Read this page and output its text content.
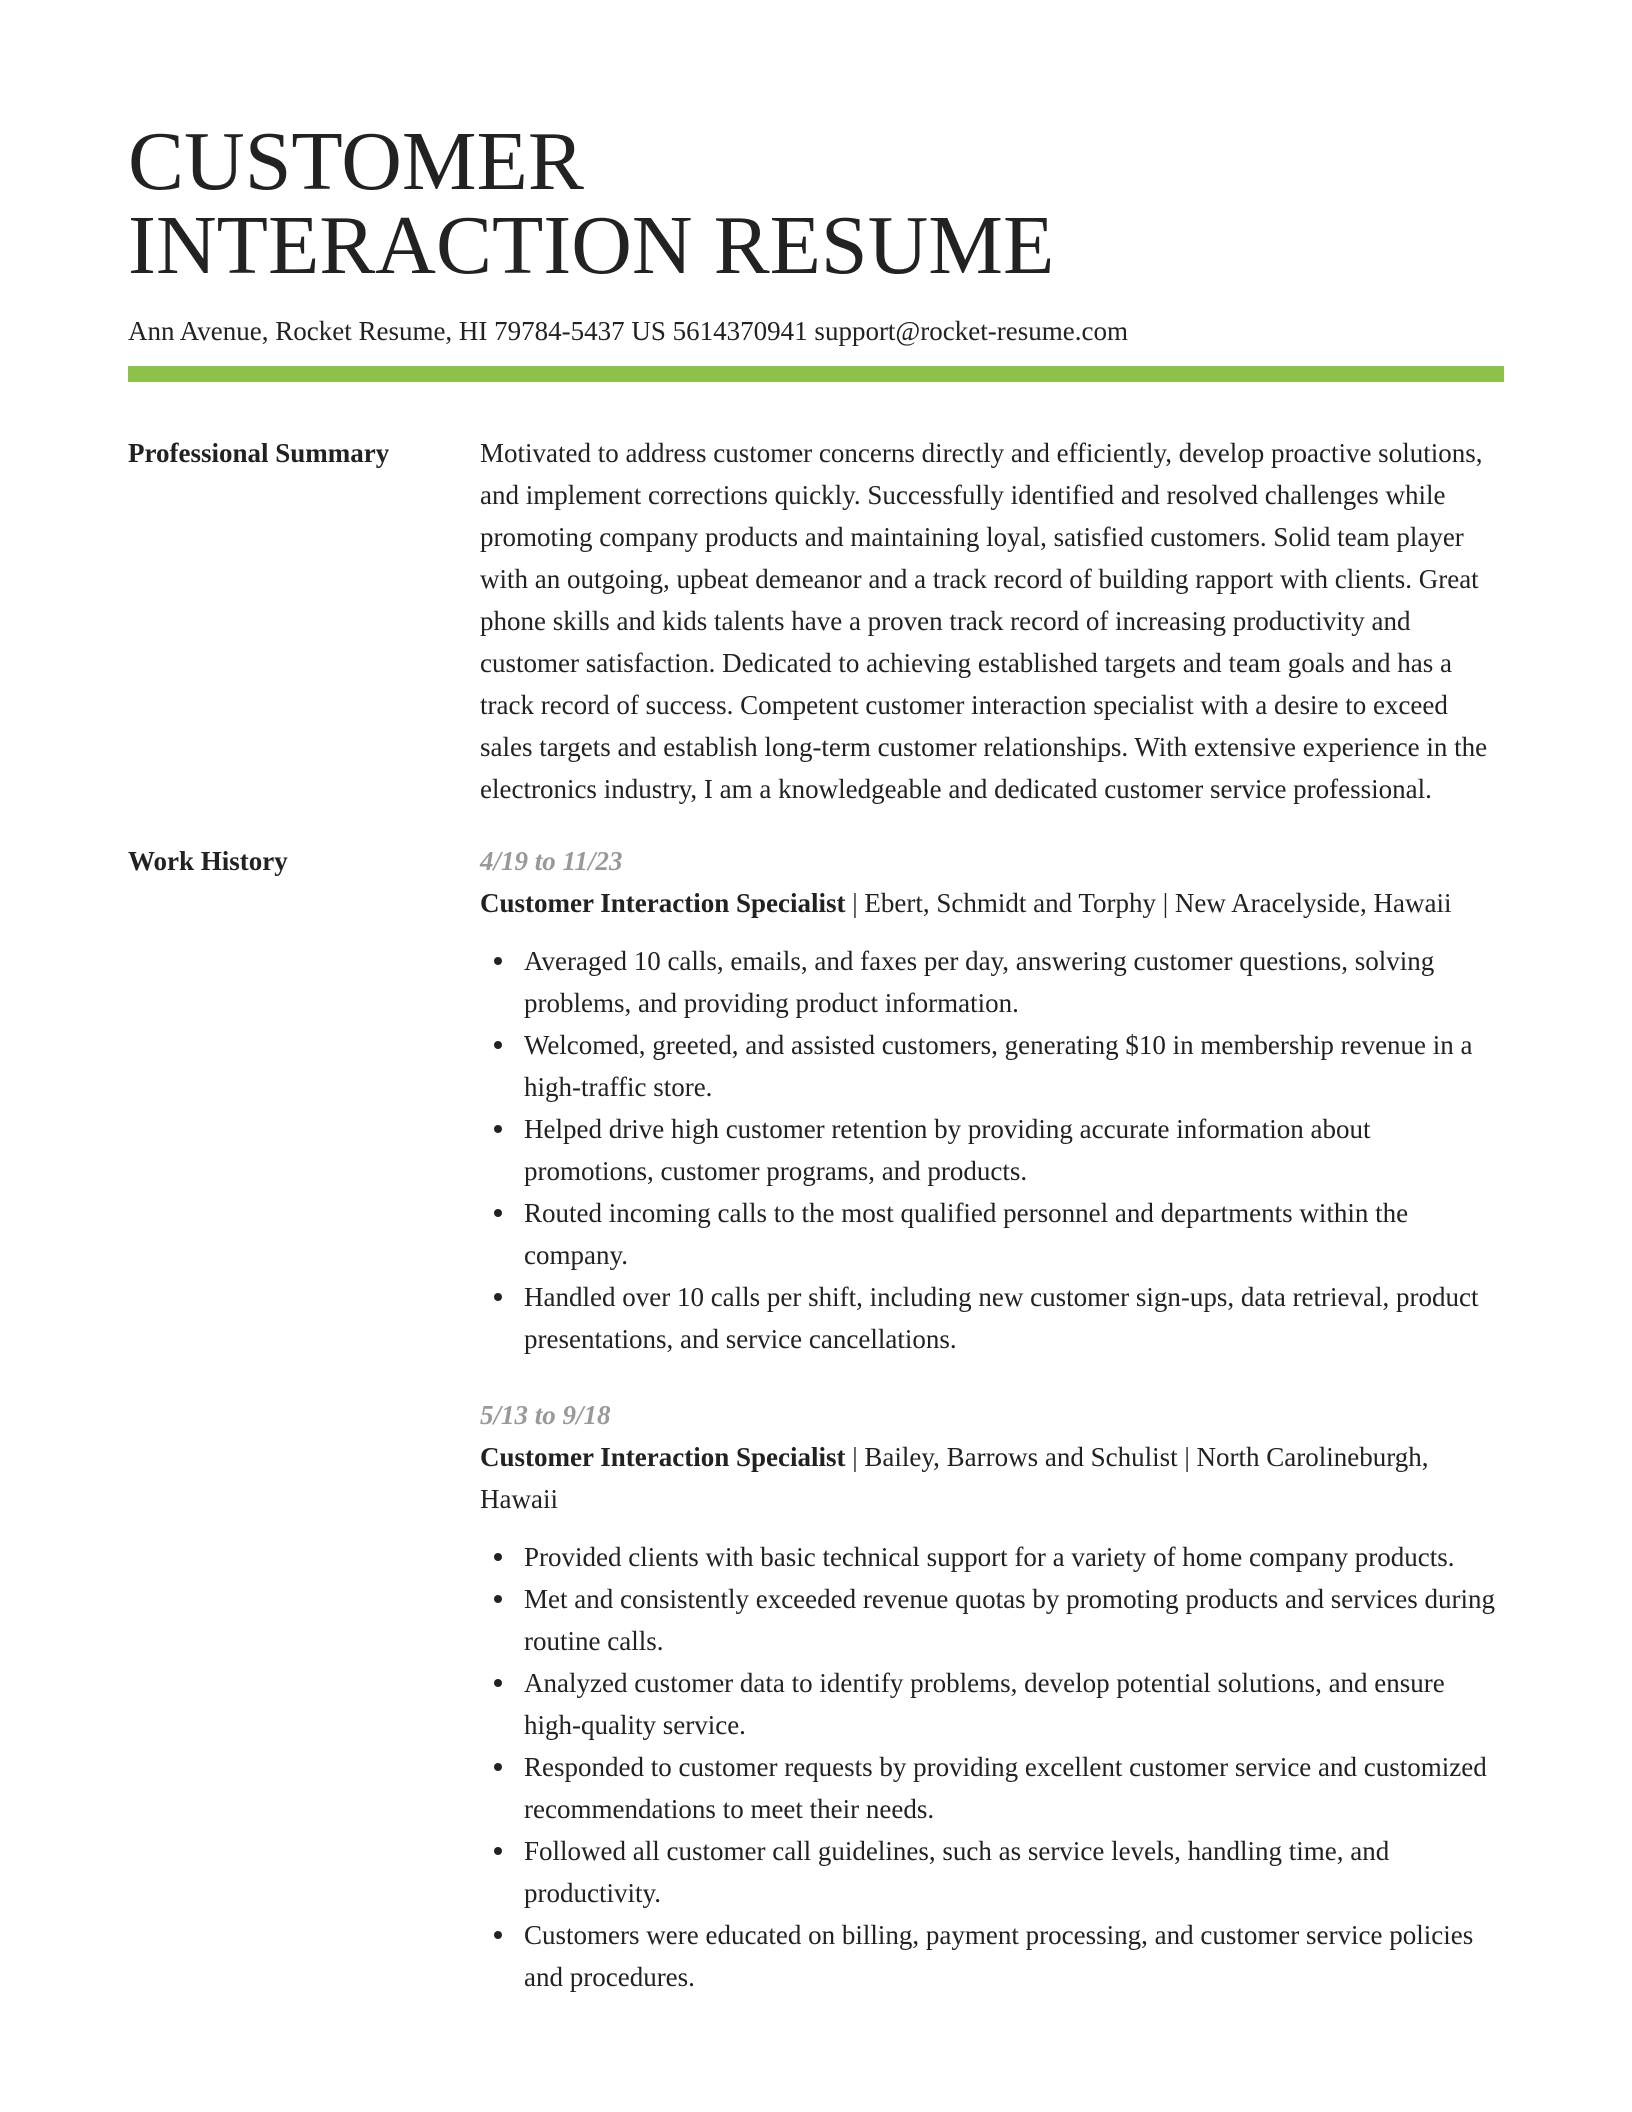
CUSTOMER
INTERACTION RESUME
Ann Avenue, Rocket Resume, HI 79784-5437 US 5614370941 support@rocket-resume.com
Professional Summary	Motivated to address customer concerns directly and efficiently, develop proactive solutions, and implement corrections quickly. Successfully identified and resolved challenges while promoting company products and maintaining loyal, satisfied customers. Solid team player with an outgoing, upbeat demeanor and a track record of building rapport with clients. Great phone skills and kids talents have a proven track record of increasing productivity and customer satisfaction. Dedicated to achieving established targets and team goals and has a track record of success. Competent customer interaction specialist with a desire to exceed sales targets and establish long-term customer relationships. With extensive experience in the electronics industry, I am a knowledgeable and dedicated customer service professional.
Work History	4/19 to 11/23
Customer Interaction Specialist | Ebert, Schmidt and Torphy | New Aracelyside, Hawaii
Averaged 10 calls, emails, and faxes per day, answering customer questions, solving problems, and providing product information.
Welcomed, greeted, and assisted customers, generating $10 in membership revenue in a high-traffic store.
Helped drive high customer retention by providing accurate information about promotions, customer programs, and products.
Routed incoming calls to the most qualified personnel and departments within the company.
Handled over 10 calls per shift, including new customer sign-ups, data retrieval, product presentations, and service cancellations.
5/13 to 9/18
Customer Interaction Specialist | Bailey, Barrows and Schulist | North Carolineburgh, Hawaii
Provided clients with basic technical support for a variety of home company products.
Met and consistently exceeded revenue quotas by promoting products and services during routine calls.
Analyzed customer data to identify problems, develop potential solutions, and ensure high-quality service.
Responded to customer requests by providing excellent customer service and customized recommendations to meet their needs.
Followed all customer call guidelines, such as service levels, handling time, and productivity.
Customers were educated on billing, payment processing, and customer service policies and procedures.
